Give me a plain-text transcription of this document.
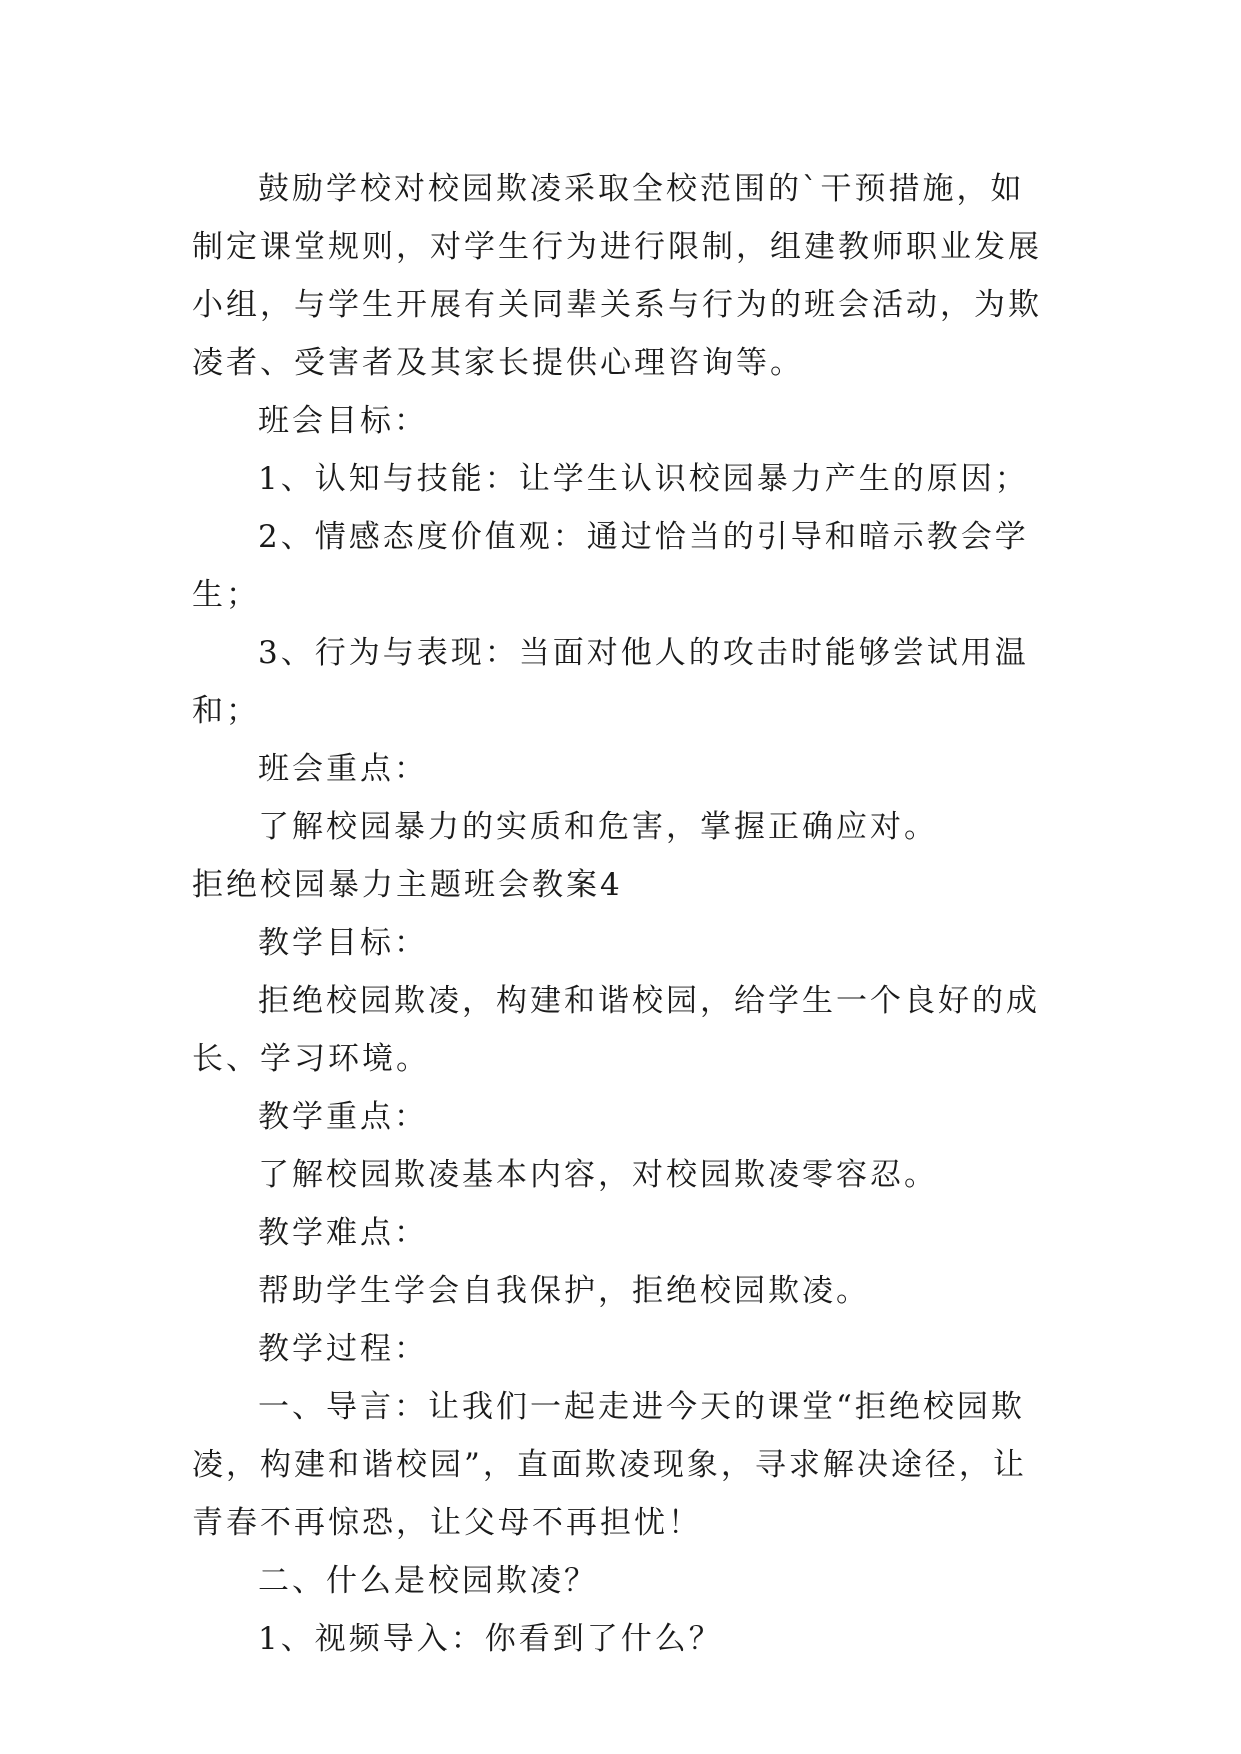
鼓励学校对校园欺凌采取全校范围的`干预措施，如制定课堂规则，对学生行为进行限制，组建教师职业发展小组，与学生开展有关同辈关系与行为的班会活动，为欺凌者、受害者及其家长提供心理咨询等。

班会目标：

1、认知与技能：让学生认识校园暴力产生的原因；

2、情感态度价值观：通过恰当的引导和暗示教会学生；

3、行为与表现：当面对他人的攻击时能够尝试用温和；

班会重点：

了解校园暴力的实质和危害，掌握正确应对。

拒绝校园暴力主题班会教案4

教学目标：

拒绝校园欺凌，构建和谐校园，给学生一个良好的成长、学习环境。

教学重点：

了解校园欺凌基本内容，对校园欺凌零容忍。

教学难点：

帮助学生学会自我保护，拒绝校园欺凌。

教学过程：

一、导言：让我们一起走进今天的课堂“拒绝校园欺凌，构建和谐校园”，直面欺凌现象，寻求解决途径，让青春不再惊恐，让父母不再担忧！

二、什么是校园欺凌？

1、视频导入：你看到了什么？
